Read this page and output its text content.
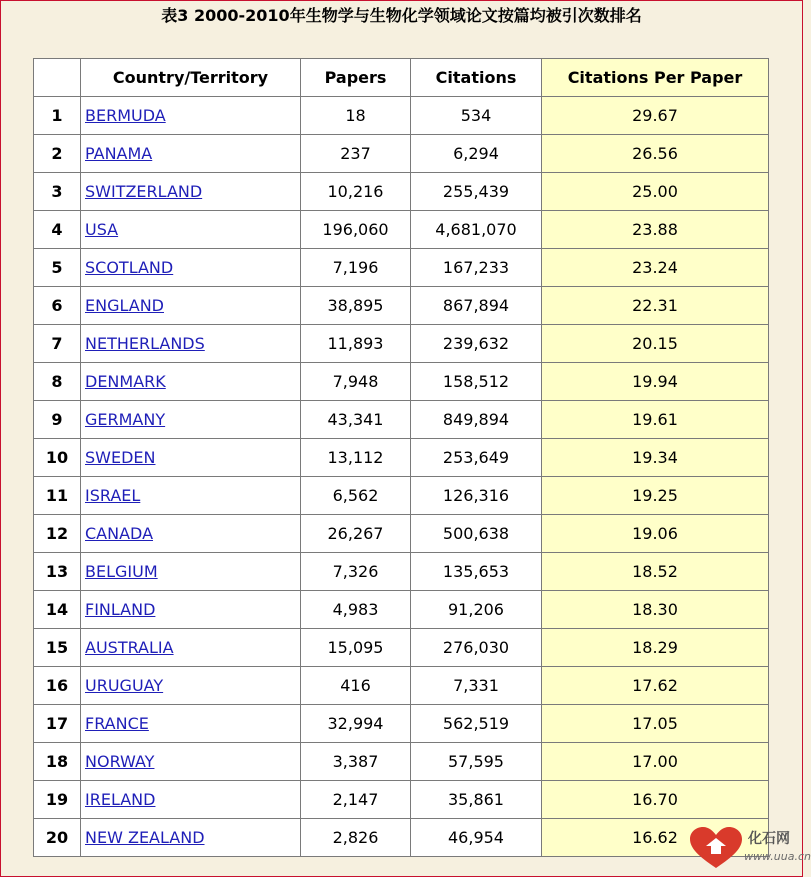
表3 2000-2010年生物学与生物化学领域论文按篇均被引次数排名
	Country/Territory	Papers	Citations	Citations Per Paper
1	BERMUDA	18	534	29.67
2	PANAMA	237	6,294	26.56
3	SWITZERLAND	10,216	255,439	25.00
4	USA	196,060	4,681,070	23.88
5	SCOTLAND	7,196	167,233	23.24
6	ENGLAND	38,895	867,894	22.31
7	NETHERLANDS	11,893	239,632	20.15
8	DENMARK	7,948	158,512	19.94
9	GERMANY	43,341	849,894	19.61
10	SWEDEN	13,112	253,649	19.34
11	ISRAEL	6,562	126,316	19.25
12	CANADA	26,267	500,638	19.06
13	BELGIUM	7,326	135,653	18.52
14	FINLAND	4,983	91,206	18.30
15	AUSTRALIA	15,095	276,030	18.29
16	URUGUAY	416	7,331	17.62
17	FRANCE	32,994	562,519	17.05
18	NORWAY	3,387	57,595	17.00
19	IRELAND	2,147	35,861	16.70
20	NEW ZEALAND	2,826	46,954	16.62	化石网
www.uua.cn
